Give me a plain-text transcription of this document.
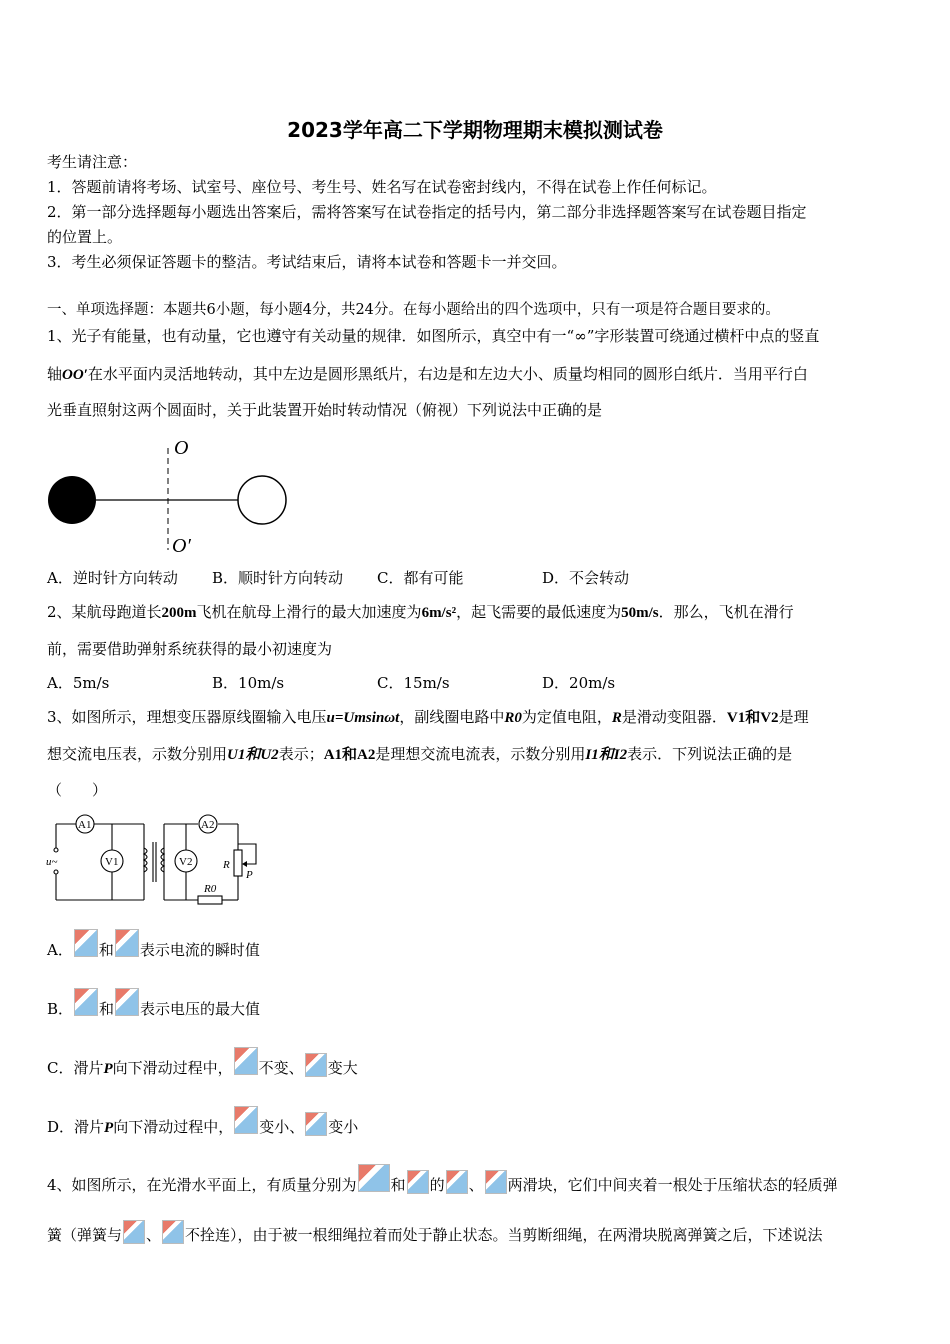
2023学年高二下学期物理期末模拟测试卷
考生请注意：
1．答题前请将考场、试室号、座位号、考生号、姓名写在试卷密封线内，不得在试卷上作任何标记。
2．第一部分选择题每小题选出答案后，需将答案写在试卷指定的括号内，第二部分非选择题答案写在试卷题目指定
的位置上。
3．考生必须保证答题卡的整洁。考试结束后，请将本试卷和答题卡一并交回。
一、单项选择题：本题共6小题，每小题4分，共24分。在每小题给出的四个选项中，只有一项是符合题目要求的。
1、光子有能量，也有动量，它也遵守有关动量的规律．如图所示，真空中有一“∞”字形装置可绕通过横杆中点的竖直
轴OO′在水平面内灵活地转动，其中左边是圆形黑纸片，右边是和左边大小、质量均相同的圆形白纸片．当用平行白
光垂直照射这两个圆面时，关于此装置开始时转动情况（俯视）下列说法中正确的是
O
O′
A．逆时针方向转动 B．顺时针方向转动 C．都有可能	D．不会转动
2、某航母跑道长200m飞机在航母上滑行的最大加速度为6m/s²，起飞需要的最低速度为50m/s．那么，飞机在滑行
前，需要借助弹射系统获得的最小初速度为
A．5m/s	B．10m/s	C．15m/s	D．20m/s
3、如图所示，理想变压器原线圈输入电压u=Umsinωt，副线圈电路中R0为定值电阻，R是滑动变阻器．V1和V2是理
想交流电压表，示数分别用U1和U2表示；A1和A2是理想交流电流表，示数分别用I1和I2表示．下列说法正确的是
（　　）
A1	A2
V1	V2
u~	R
P
R0
A． 和 表示电流的瞬时值
B． 和 表示电压的最大值
C．滑片P向下滑动过程中， 不变、 变大
D．滑片P向下滑动过程中， 变小、 变小
4、如图所示，在光滑水平面上，有质量分别为 和 的 、 两滑块，它们中间夹着一根处于压缩状态的轻质弹
簧（弹簧与 、 不拴连），由于被一根细绳拉着而处于静止状态。当剪断细绳，在两滑块脱离弹簧之后，下述说法
